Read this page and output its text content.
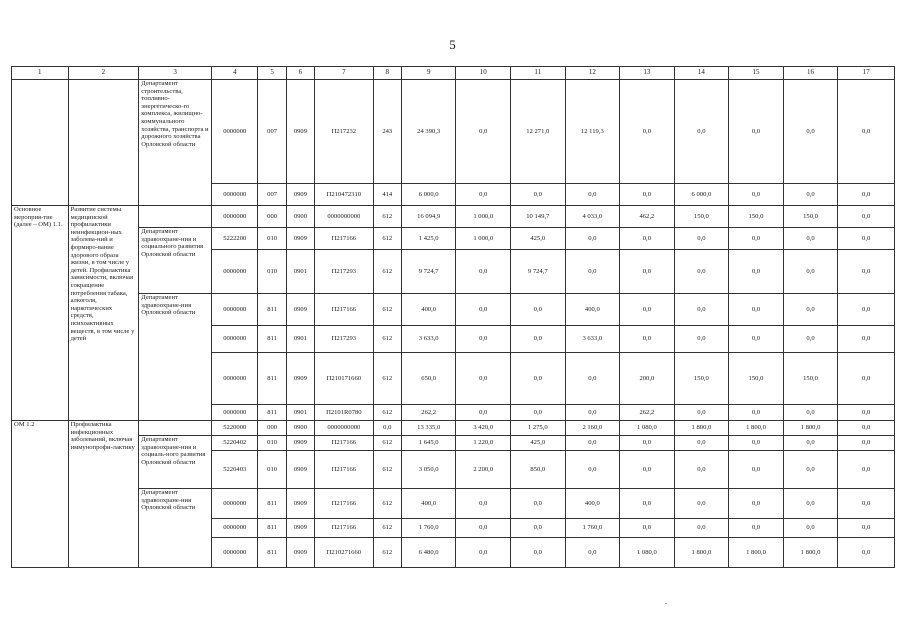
5
1	2	3	4	5	6	7	8	9	10	11	12	13	14	15	16	17
		Департамент строительства, топливно-энергетическо-го комплекса, жилищно-коммунального хозяйства, транспорта и дорожного хозяйства Орловской области	0000000	007	0909	П217232	243	24 390,3	0,0	12 271,0	12 119,3	0,0	0,0	0,0	0,0	0,0
			0000000	007	0909	П210472310	414	6 000,0	0,0	0,0	0,0	0,0	6 000,0	0,0	0,0	0,0
Основное мероприя-тие (далее – ОМ) 1.1.	Развитие системы медицинской профилактики неинфекцион-ных заболева-ний и формиро-вание здорового образа жизни, в том числе у детей. Профилактика зависимости, включая сокращение потребления табака, алкоголя, наркотических средств, психоактивных веществ, в том числе у детей		0000000	000	0900	0000000000	612	16 094,9	1 000,0	10 149,7	4 033,0	462,2	150,0	150,0	150,0	0,0
		Департамент здравоохране-ния и социального развития Орловской области	5222200	010	0909	П217166	612	1 425,0	1 000,0	425,0	0,0	0,0	0,0	0,0	0,0	0,0
			0000000	010	0901	П217293	612	9 724,7	0,0	9 724,7	0,0	0,0	0,0	0,0	0,0	0,0
		Департамент здравоохране-ния Орловской области	0000000	811	0909	П217166	612	400,0	0,0	0,0	400,0	0,0	0,0	0,0	0,0	0,0
			0000000	811	0901	П217293	612	3 633,0	0,0	0,0	3 633,0	0,0	0,0	0,0	0,0	0,0
			0000000	811	0909	П210171660	612	650,0	0,0	0,0	0,0	200,0	150,0	150,0	150,0	0,0
			0000000	811	0901	П2101R0780	612	262,2	0,0	0,0	0,0	262,2	0,0	0,0	0,0	0,0
ОМ 1.2	Профилактика инфекционных заболеваний, включая иммунопрофи-лактику		5220000	000	0900	0000000000	0,0	13 335,0	3 420,0	1 275,0	2 160,0	1 080,0	1 800,0	1 800,0	1 800,0	0,0
		Департамент здравоохране-ния и социаль-ного развития Орловской области	5220402	010	0909	П217166	612	1 645,0	1 220,0	425,0	0,0	0,0	0,0	0,0	0,0	0,0
			5220403	010	0909	П217166	612	3 050,0	2 200,0	850,0	0,0	0,0	0,0	0,0	0,0	0,0
		Департамент здравоохране-ния Орловской области	0000000	811	0909	П217166	612	400,0	0,0	0,0	400,0	0,0	0,0	0,0	0,0	0,0
			0000000	811	0909	П217166	612	1 760,0	0,0	0,0	1 760,0	0,0	0,0	0,0	0,0	0,0
			0000000	811	0909	П210271660	612	6 480,0	0,0	0,0	0,0	1 080,0	1 800,0	1 800,0	1 800,0	0,0
